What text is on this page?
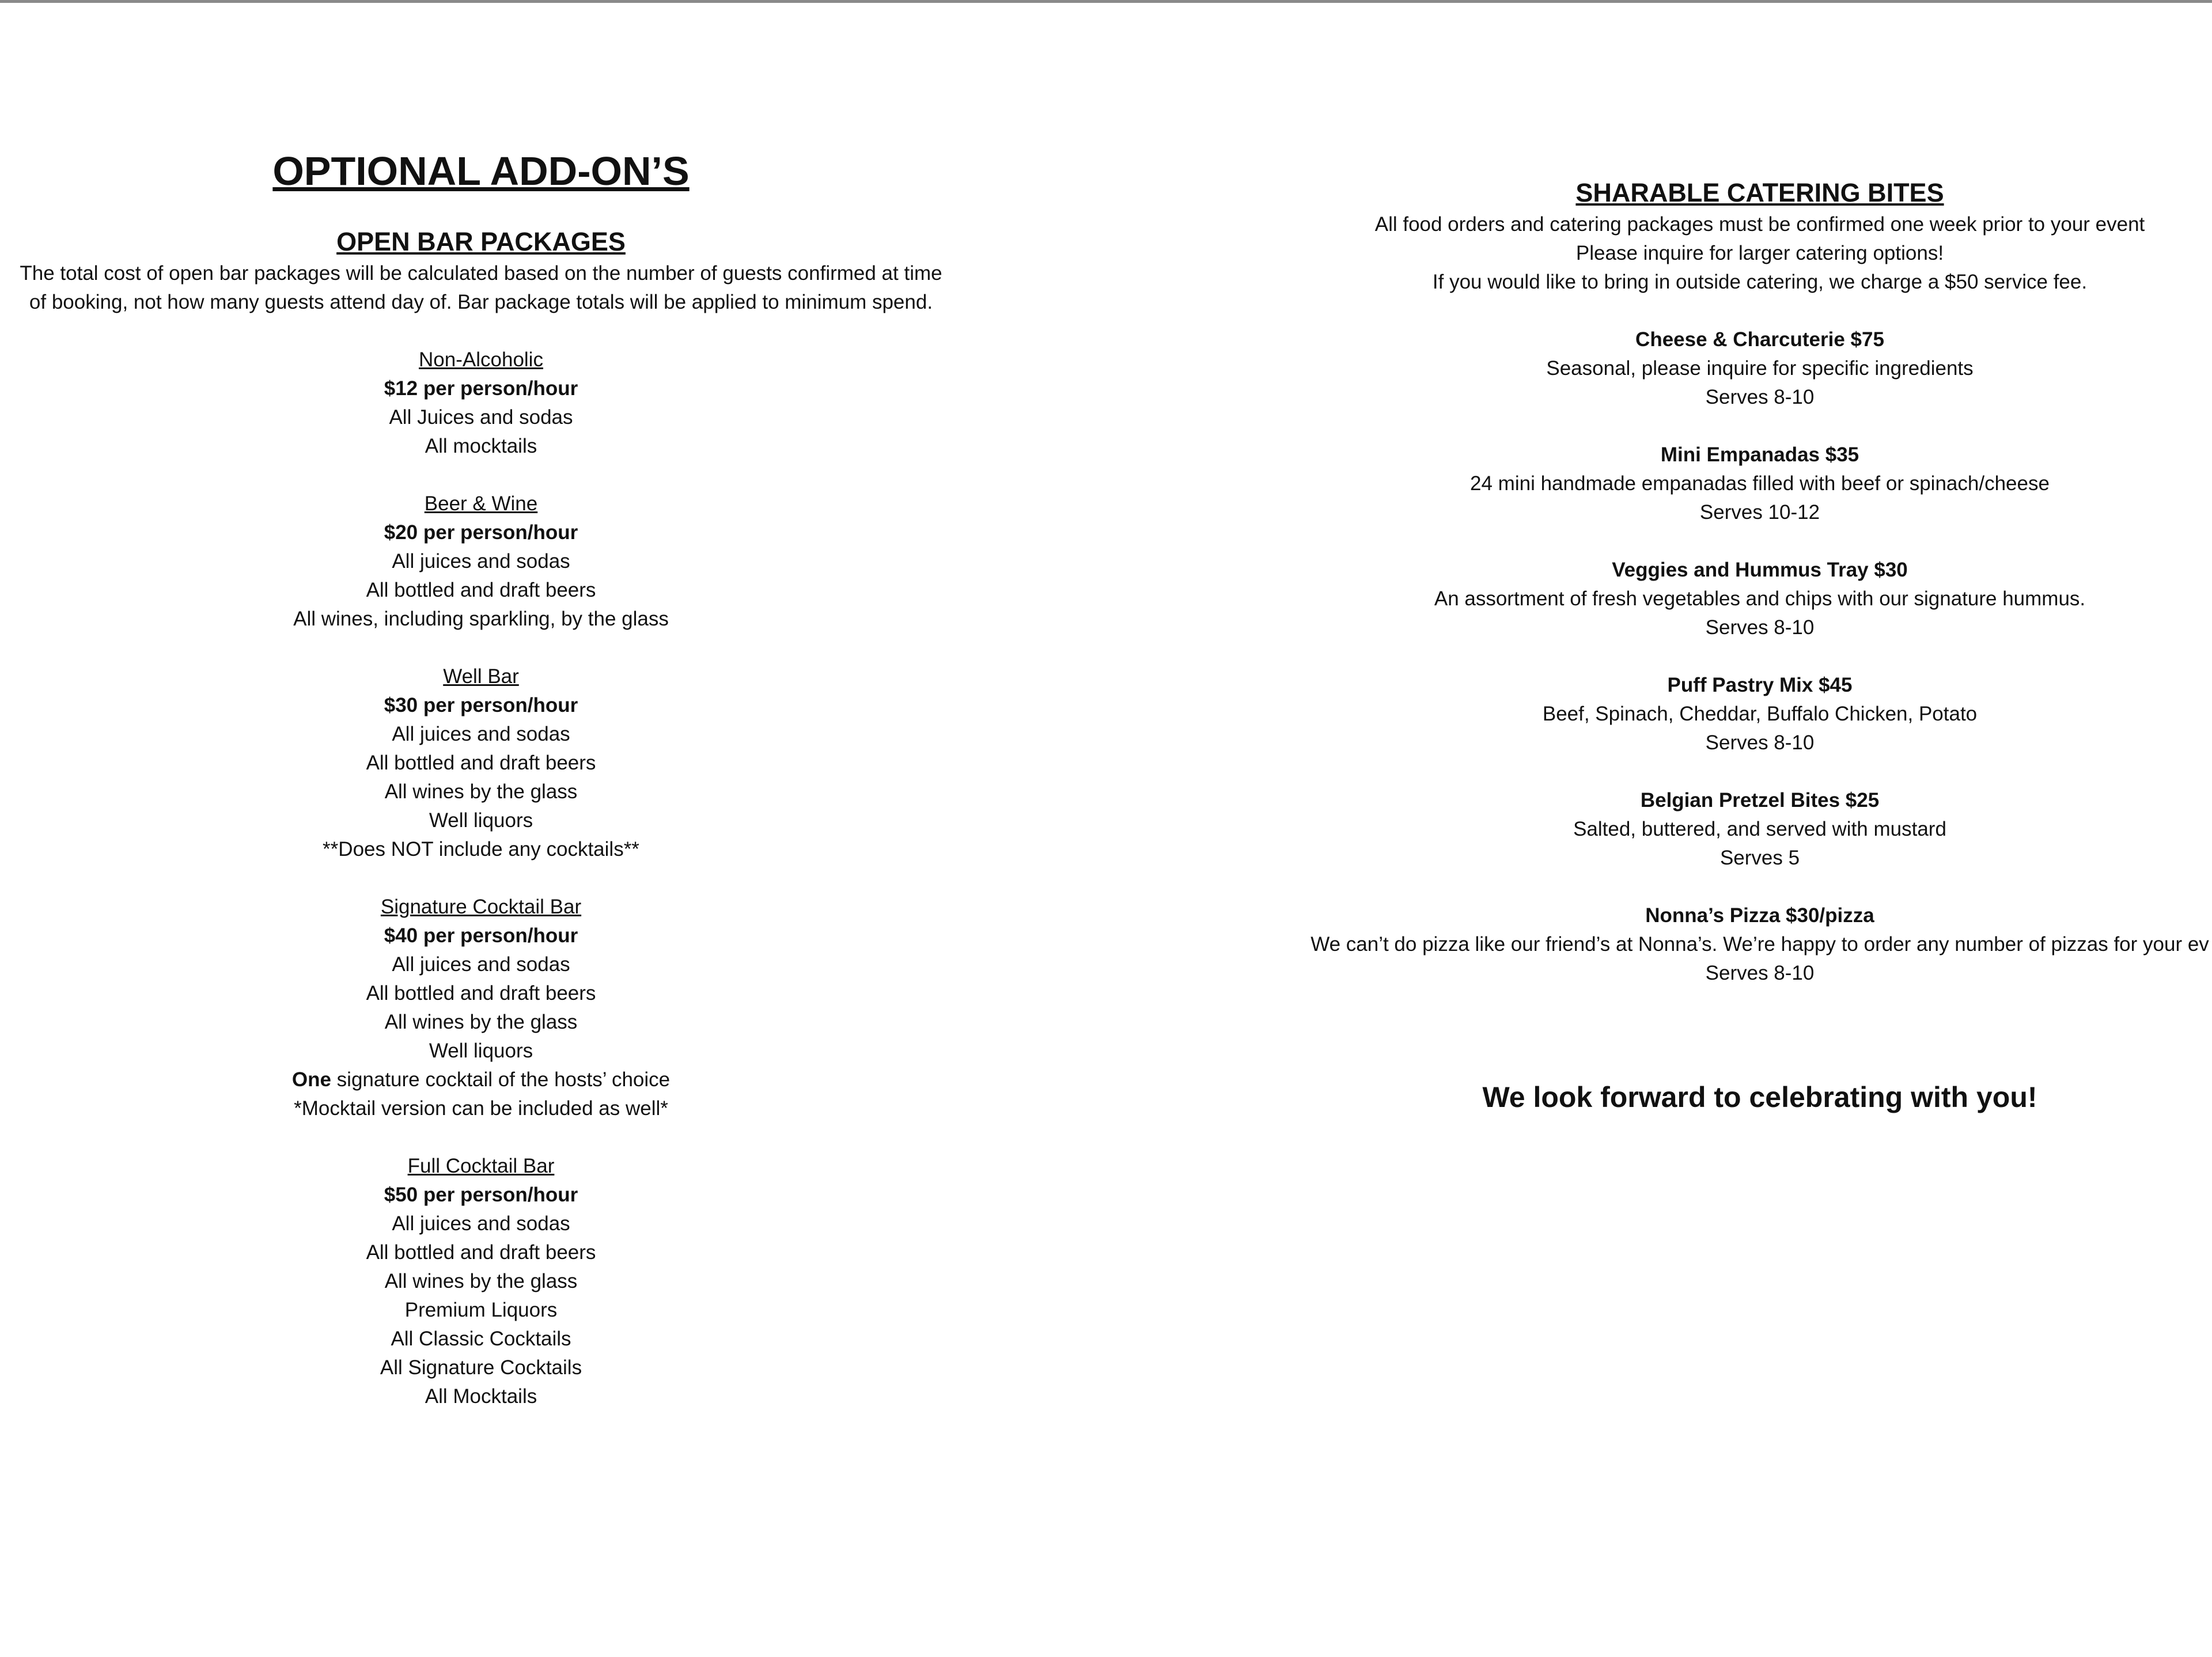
OPTIONAL ADD-ON’S
OPEN BAR PACKAGES
The total cost of open bar packages will be calculated based on the number of guests confirmed at time
of booking, not how many guests attend day of. Bar package totals will be applied to minimum spend.
Non-Alcoholic
$12 per person/hour
All Juices and sodas
All mocktails
Beer & Wine
$20 per person/hour
All juices and sodas
All bottled and draft beers
All wines, including sparkling, by the glass
Well Bar
$30 per person/hour
All juices and sodas
All bottled and draft beers
All wines by the glass
Well liquors
**Does NOT include any cocktails**
Signature Cocktail Bar
$40 per person/hour
All juices and sodas
All bottled and draft beers
All wines by the glass
Well liquors
One signature cocktail of the hosts’ choice
*Mocktail version can be included as well*
Full Cocktail Bar
$50 per person/hour
All juices and sodas
All bottled and draft beers
All wines by the glass
Premium Liquors
All Classic Cocktails
All Signature Cocktails
All Mocktails
SHARABLE CATERING BITES
All food orders and catering packages must be confirmed one week prior to your event
Please inquire for larger catering options!
If you would like to bring in outside catering, we charge a $50 service fee.
Cheese & Charcuterie $75
Seasonal, please inquire for specific ingredients
Serves 8-10
Mini Empanadas $35
24 mini handmade empanadas filled with beef or spinach/cheese
Serves 10-12
Veggies and Hummus Tray $30
An assortment of fresh vegetables and chips with our signature hummus.
Serves 8-10
Puff Pastry Mix $45
Beef, Spinach, Cheddar, Buffalo Chicken, Potato
Serves 8-10
Belgian Pretzel Bites $25
Salted, buttered, and served with mustard
Serves 5
Nonna’s Pizza $30/pizza
We can’t do pizza like our friend’s at Nonna’s. We’re happy to order any number of pizzas for your ev
Serves 8-10
We look forward to celebrating with you!
